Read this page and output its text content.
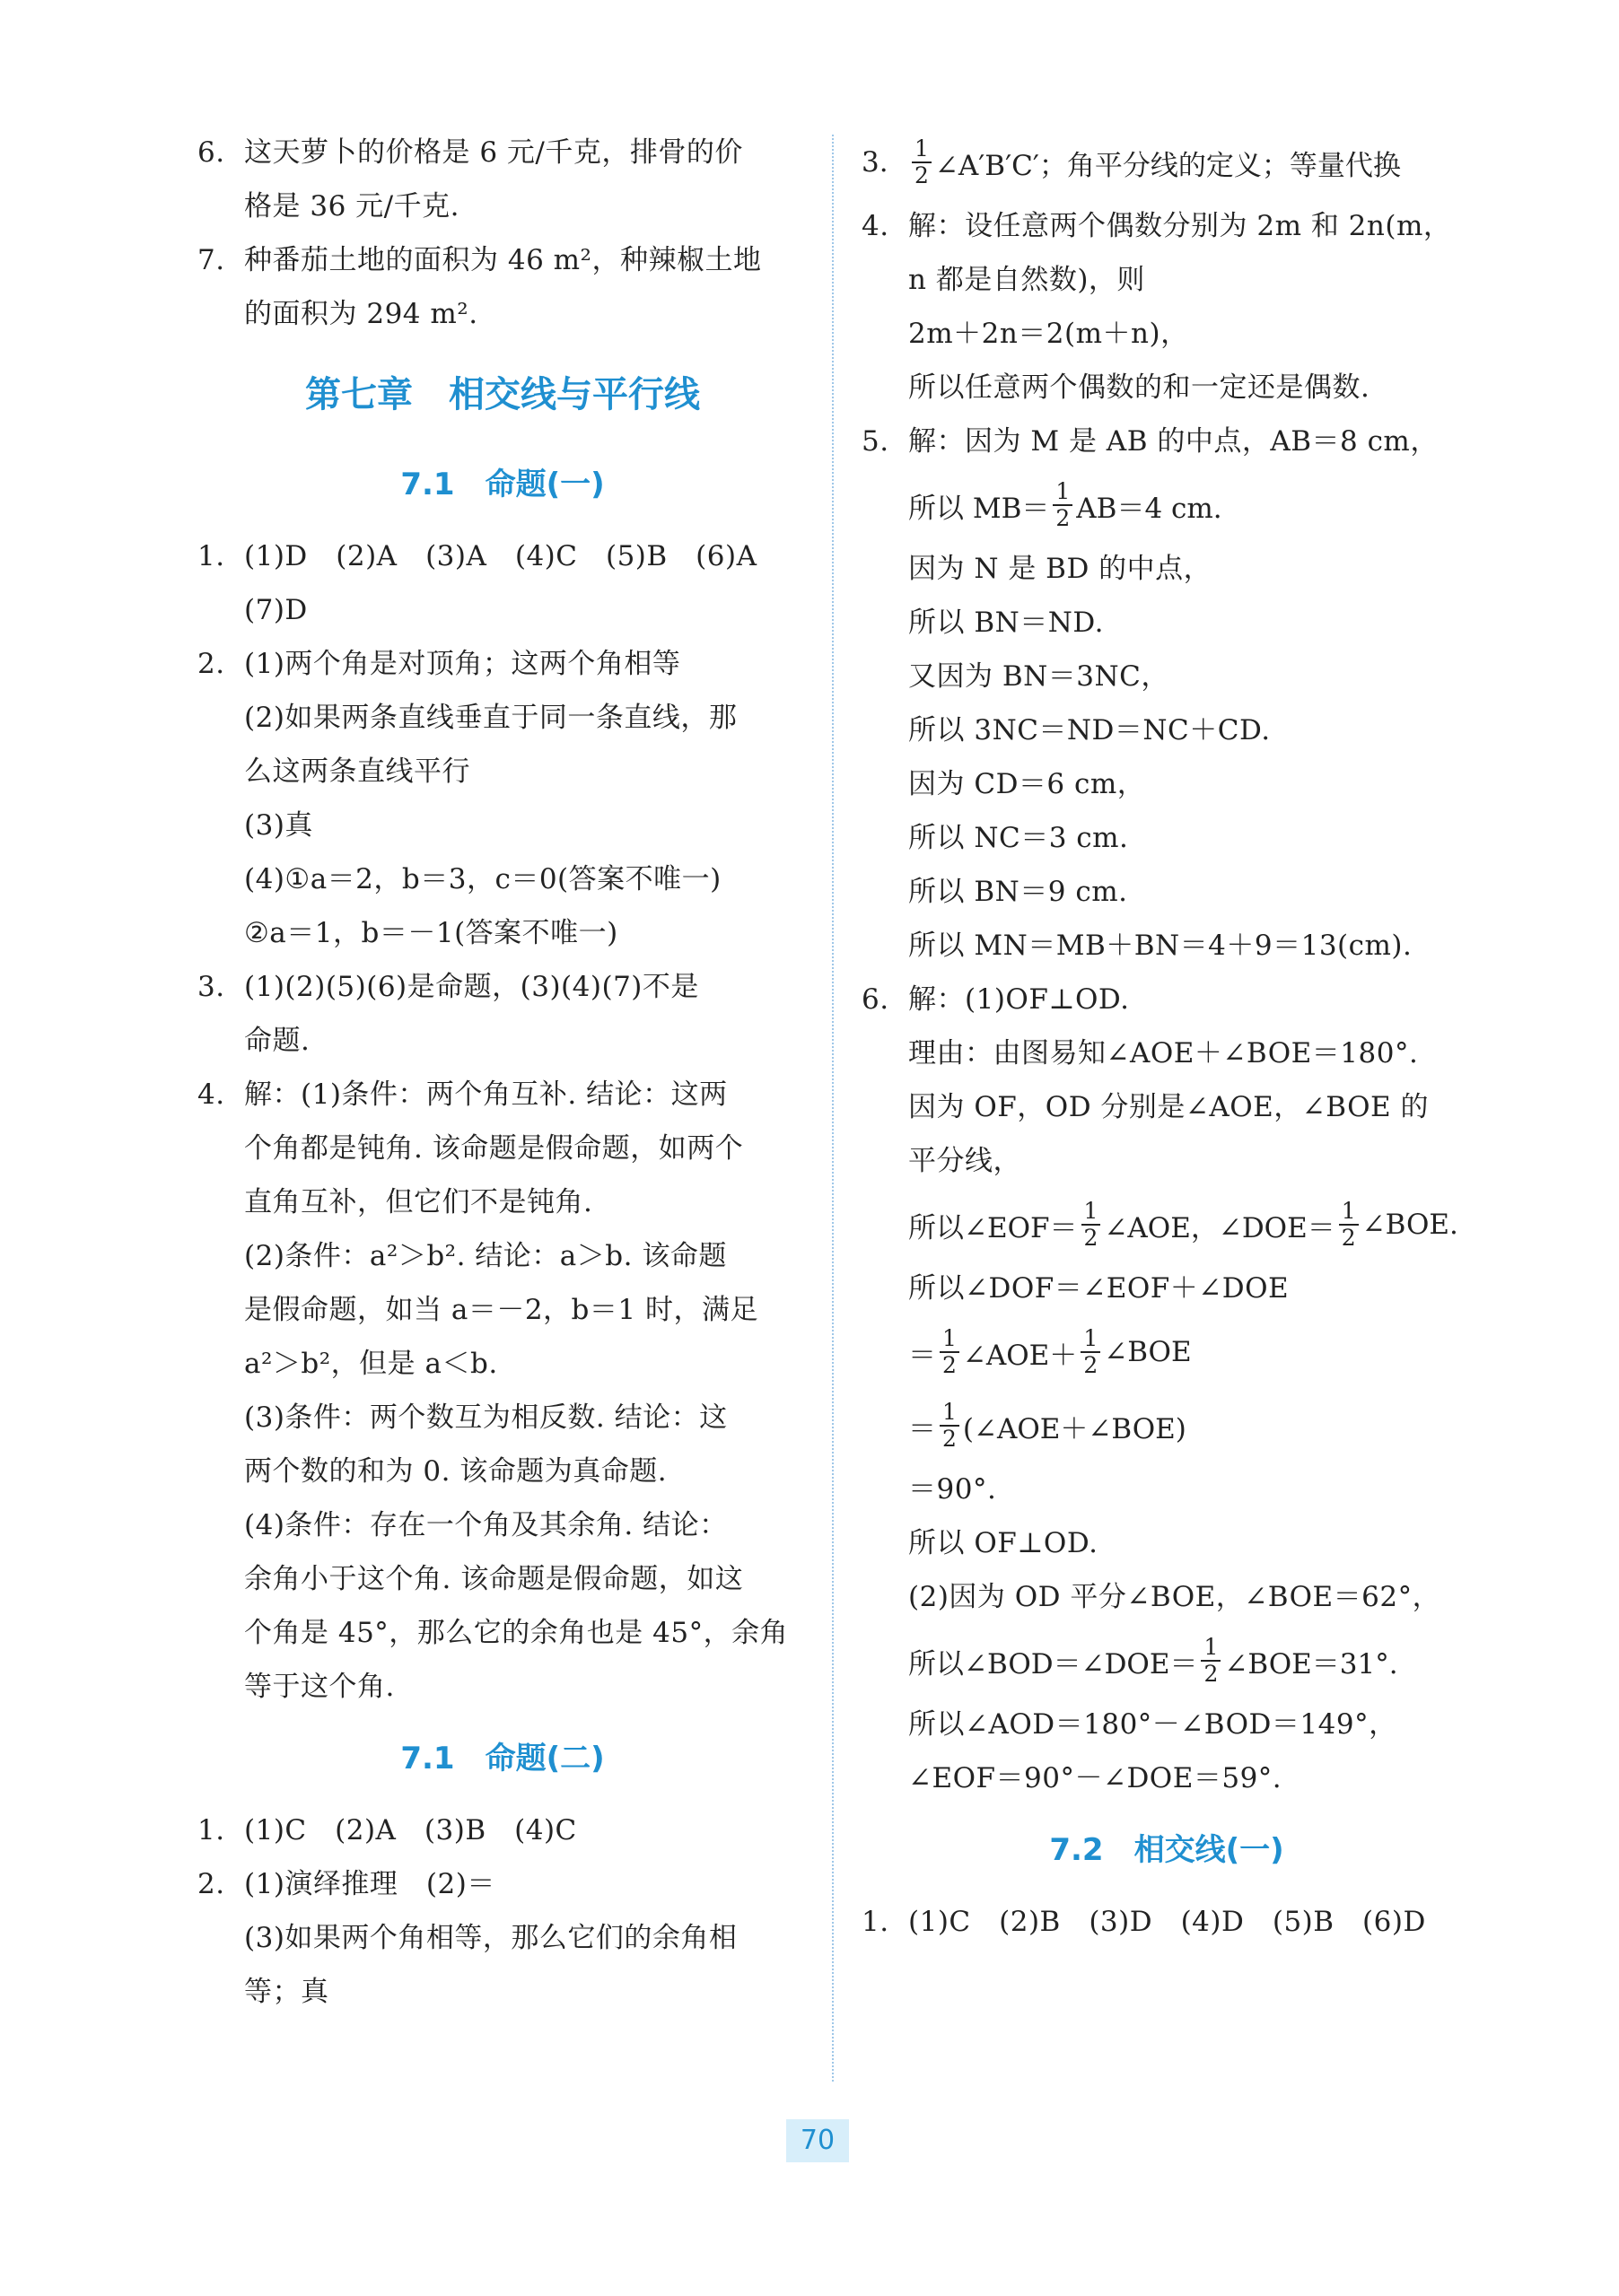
6. 这天萝卜的价格是 6 元/千克，排骨的价
格是 36 元/千克.
7. 种番茄土地的面积为 46 m²，种辣椒土地
的面积为 294 m².
第七章　相交线与平行线
7.1　命题(一)
1. (1)D　(2)A　(3)A　(4)C　(5)B　(6)A
(7)D
2. (1)两个角是对顶角；这两个角相等
(2)如果两条直线垂直于同一条直线，那
么这两条直线平行
(3)真
(4)①a＝2，b＝3，c＝0(答案不唯一)
②a＝1，b＝－1(答案不唯一)
3. (1)(2)(5)(6)是命题，(3)(4)(7)不是
命题.
4. 解：(1)条件：两个角互补. 结论：这两
个角都是钝角. 该命题是假命题，如两个
直角互补，但它们不是钝角.
(2)条件：a²＞b². 结论：a＞b. 该命题
是假命题，如当 a＝－2，b＝1 时，满足
a²＞b²，但是 a＜b.
(3)条件：两个数互为相反数. 结论：这
两个数的和为 0. 该命题为真命题.
(4)条件：存在一个角及其余角. 结论：
余角小于这个角. 该命题是假命题，如这
个角是 45°，那么它的余角也是 45°，余角
等于这个角.
7.1　命题(二)
1. (1)C　(2)A　(3)B　(4)C
2. (1)演绎推理　(2)＝
(3)如果两个角相等，那么它们的余角相
等；真
3.	$\frac{1}{2}$ ∠A′B′C′；角平分线的定义；等量代换
4. 解：设任意两个偶数分别为 2m 和 2n(m，
n 都是自然数)，则
2m＋2n＝2(m＋n)，
所以任意两个偶数的和一定还是偶数.
5. 解：因为 M 是 AB 的中点，AB＝8 cm，
所以 $MB= \frac{1}{2} AB=4$ cm.
因为 N 是 BD 的中点，
所以 BN＝ND.
又因为 BN＝3NC，
所以 3NC＝ND＝NC＋CD.
因为 CD＝6 cm，
所以 NC＝3 cm.
所以 BN＝9 cm.
所以 MN＝MB＋BN＝4＋9＝13(cm).
6. 解：(1)OF⊥OD.
理由：由图易知∠AOE＋∠BOE＝180°.
因为 OF，OD 分别是∠AOE，∠BOE 的
平分线，
所以∠EOF＝ $\frac{1}{2}$ ∠AOE，∠DOE＝ $\frac{1}{2}$ ∠BOE.
所以∠DOF＝∠EOF＋∠DOE
＝ $\frac{1}{2}$ ∠AOE＋ $\frac{1}{2}$ ∠BOE
＝ $\frac{1}{2}$ (∠AOE＋∠BOE)
＝90°.
所以 OF⊥OD.
(2)因为 OD 平分∠BOE，∠BOE＝62°，
所以∠BOD＝∠DOE＝ $\frac{1}{2}$ ∠BOE＝31°.
所以∠AOD＝180°－∠BOD＝149°，
∠EOF＝90°－∠DOE＝59°.
7.2　相交线(一)
1. (1)C　(2)B　(3)D　(4)D　(5)B　(6)D
70
